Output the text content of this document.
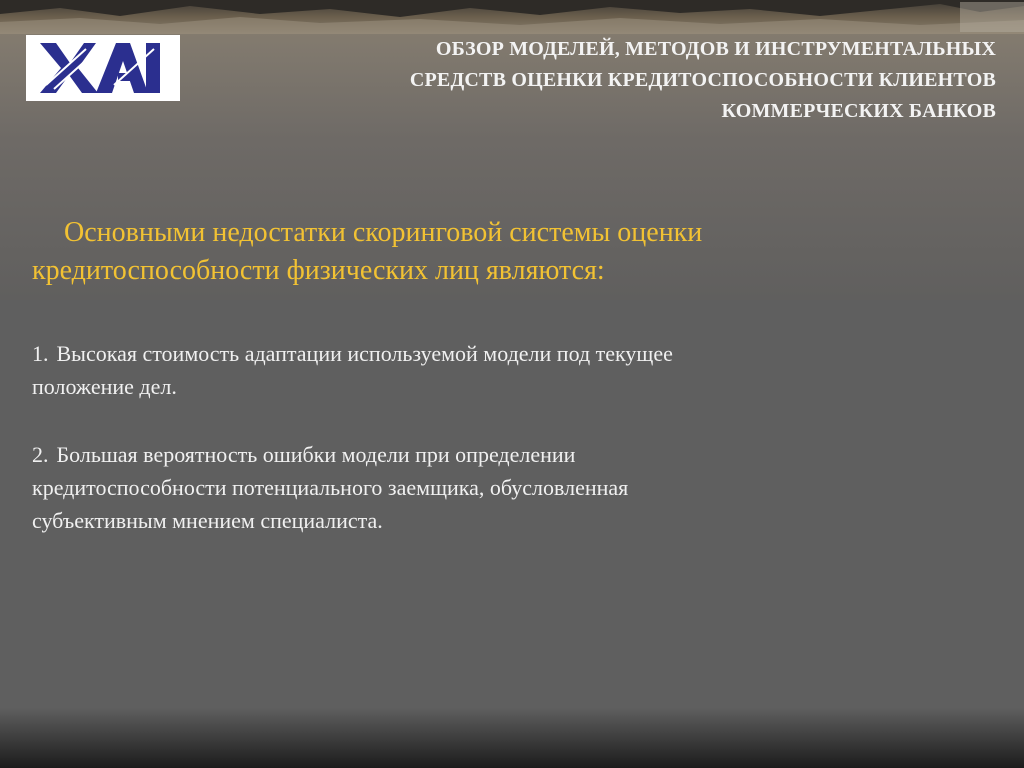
ОБЗОР МОДЕЛЕЙ, МЕТОДОВ И ИНСТРУМЕНТАЛЬНЫХ
СРЕДСТВ ОЦЕНКИ КРЕДИТОСПОСОБНОСТИ КЛИЕНТОВ
КОММЕРЧЕСКИХ БАНКОВ
Основными недостатки скоринговой системы оценки
кредитоспособности физических лиц являются:
1. Высокая стоимость адаптации используемой модели под текущее
положение дел.
2. Большая вероятность ошибки модели при определении
кредитоспособности потенциального заемщика, обусловленная
субъективным мнением специалиста.
